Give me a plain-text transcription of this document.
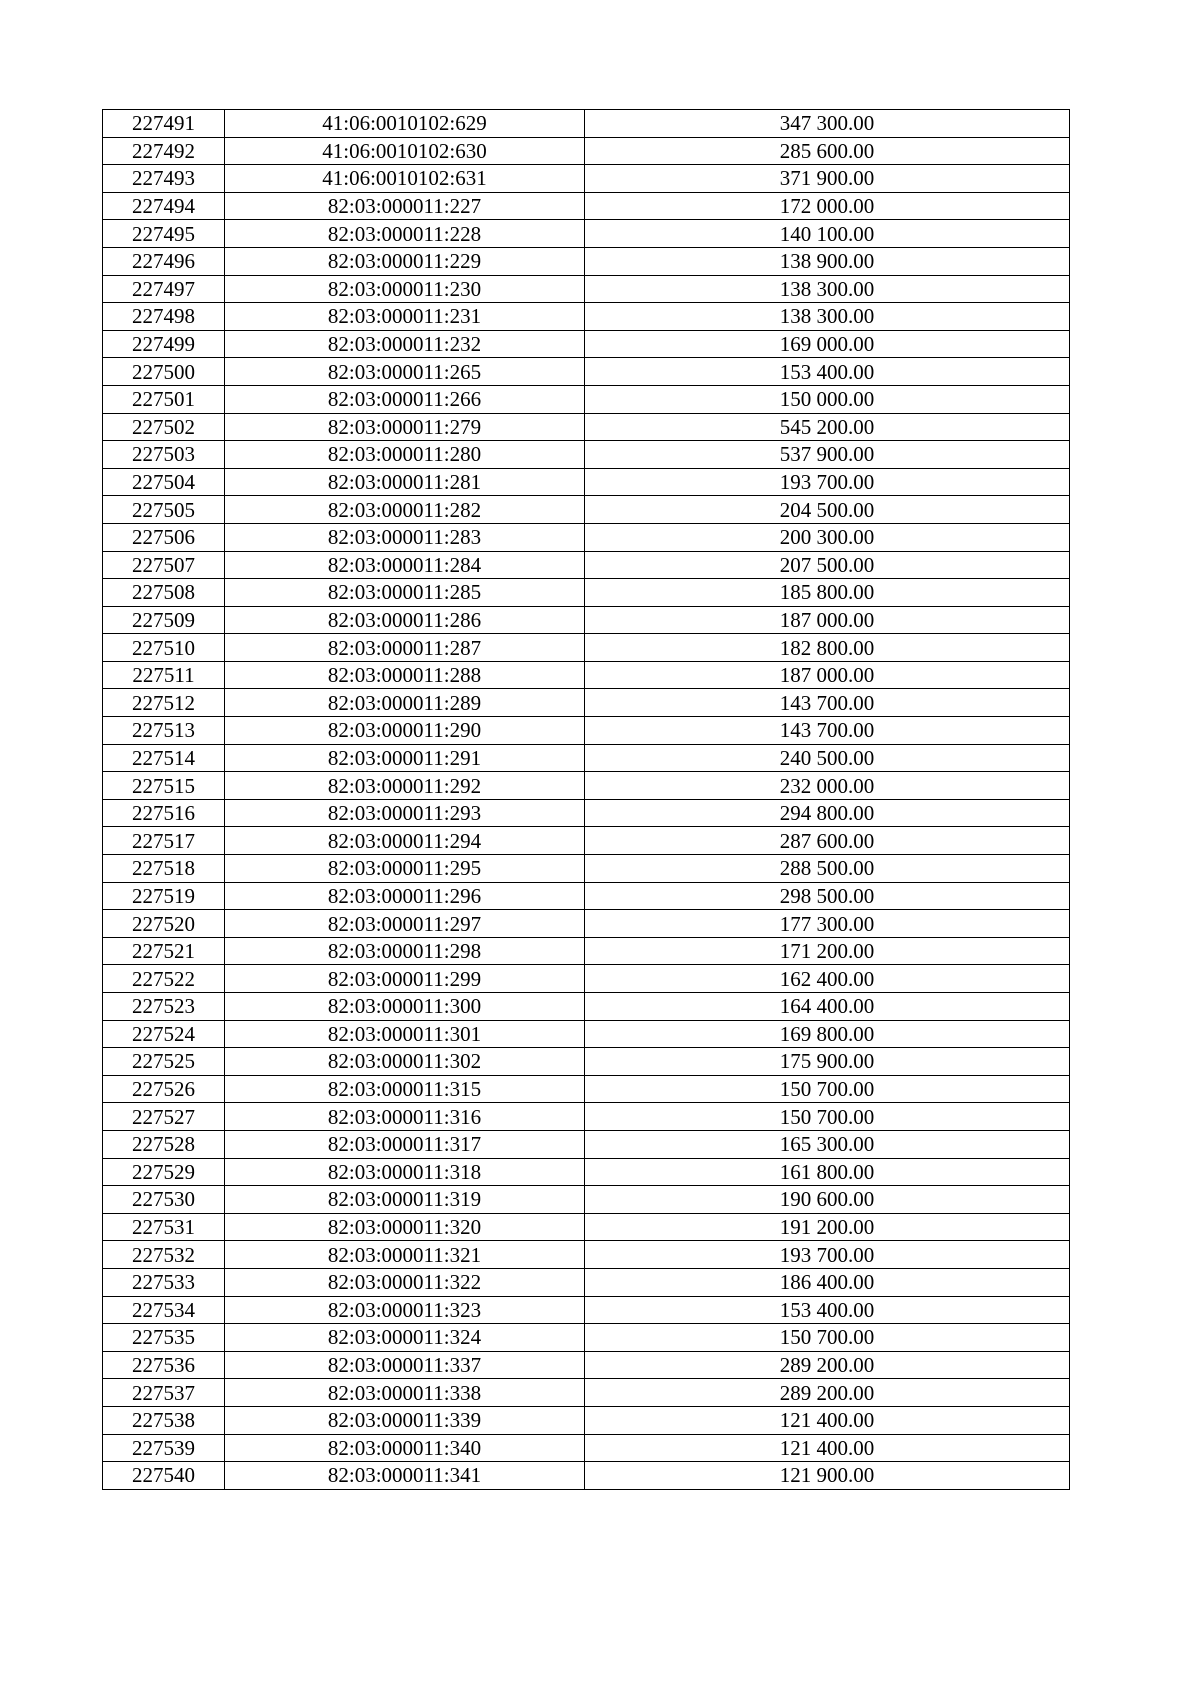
227491	41:06:0010102:629	347 300.00
227492	41:06:0010102:630	285 600.00
227493	41:06:0010102:631	371 900.00
227494	82:03:000011:227	172 000.00
227495	82:03:000011:228	140 100.00
227496	82:03:000011:229	138 900.00
227497	82:03:000011:230	138 300.00
227498	82:03:000011:231	138 300.00
227499	82:03:000011:232	169 000.00
227500	82:03:000011:265	153 400.00
227501	82:03:000011:266	150 000.00
227502	82:03:000011:279	545 200.00
227503	82:03:000011:280	537 900.00
227504	82:03:000011:281	193 700.00
227505	82:03:000011:282	204 500.00
227506	82:03:000011:283	200 300.00
227507	82:03:000011:284	207 500.00
227508	82:03:000011:285	185 800.00
227509	82:03:000011:286	187 000.00
227510	82:03:000011:287	182 800.00
227511	82:03:000011:288	187 000.00
227512	82:03:000011:289	143 700.00
227513	82:03:000011:290	143 700.00
227514	82:03:000011:291	240 500.00
227515	82:03:000011:292	232 000.00
227516	82:03:000011:293	294 800.00
227517	82:03:000011:294	287 600.00
227518	82:03:000011:295	288 500.00
227519	82:03:000011:296	298 500.00
227520	82:03:000011:297	177 300.00
227521	82:03:000011:298	171 200.00
227522	82:03:000011:299	162 400.00
227523	82:03:000011:300	164 400.00
227524	82:03:000011:301	169 800.00
227525	82:03:000011:302	175 900.00
227526	82:03:000011:315	150 700.00
227527	82:03:000011:316	150 700.00
227528	82:03:000011:317	165 300.00
227529	82:03:000011:318	161 800.00
227530	82:03:000011:319	190 600.00
227531	82:03:000011:320	191 200.00
227532	82:03:000011:321	193 700.00
227533	82:03:000011:322	186 400.00
227534	82:03:000011:323	153 400.00
227535	82:03:000011:324	150 700.00
227536	82:03:000011:337	289 200.00
227537	82:03:000011:338	289 200.00
227538	82:03:000011:339	121 400.00
227539	82:03:000011:340	121 400.00
227540	82:03:000011:341	121 900.00
